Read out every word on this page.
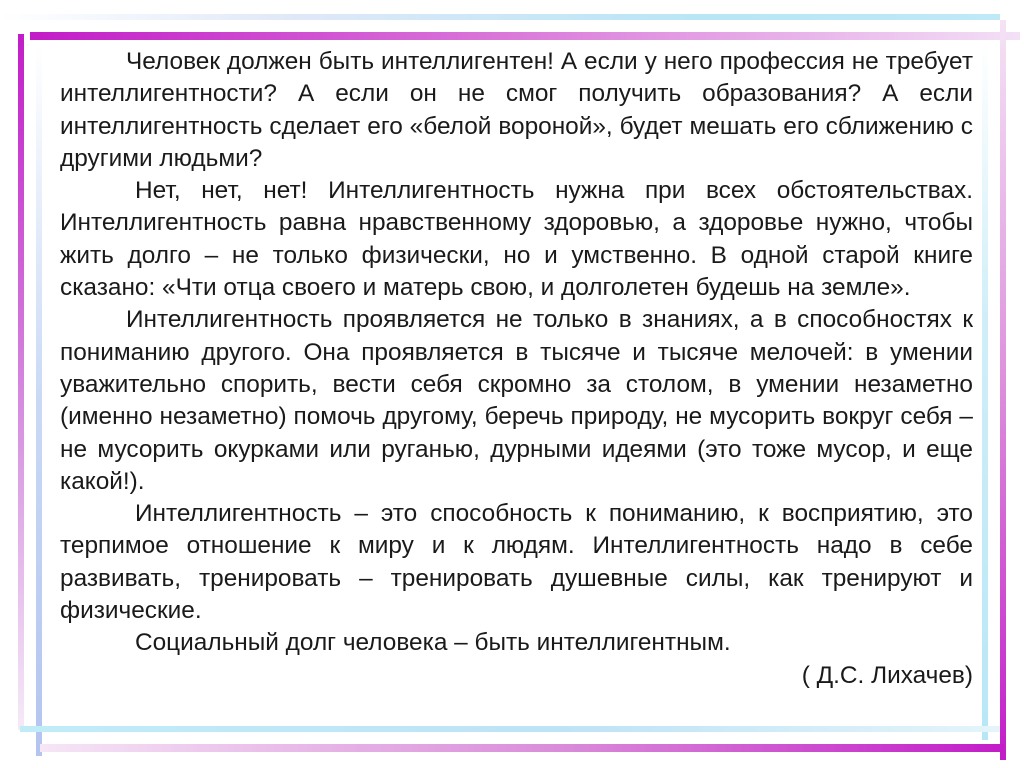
Человек должен быть интеллигентен! А если у него профессия не требует интеллигентности? А если он не смог получить образования? А если интеллигентность сделает его «белой вороной», будет мешать его сближению с другими людьми?

Нет, нет, нет! Интеллигентность нужна при всех обстоятельствах. Интеллигентность равна нравственному здоровью, а здоровье нужно, чтобы жить долго – не только физически, но и умственно. В одной старой книге сказано: «Чти отца своего и матерь свою, и долголетен будешь на земле».

Интеллигентность проявляется не только в знаниях, а в способностях к пониманию другого. Она проявляется в тысяче и тысяче мелочей: в умении уважительно спорить, вести себя скромно за столом, в умении незаметно (именно незаметно) помочь другому, беречь природу, не мусорить вокруг себя – не мусорить окурками или руганью, дурными идеями (это тоже мусор, и еще какой!).

Интеллигентность – это способность к пониманию, к восприятию, это терпимое отношение к миру и к людям. Интеллигентность надо в себе развивать, тренировать – тренировать душевные силы, как тренируют и физические.

Социальный долг человека – быть интеллигентным.

( Д.С. Лихачев)
